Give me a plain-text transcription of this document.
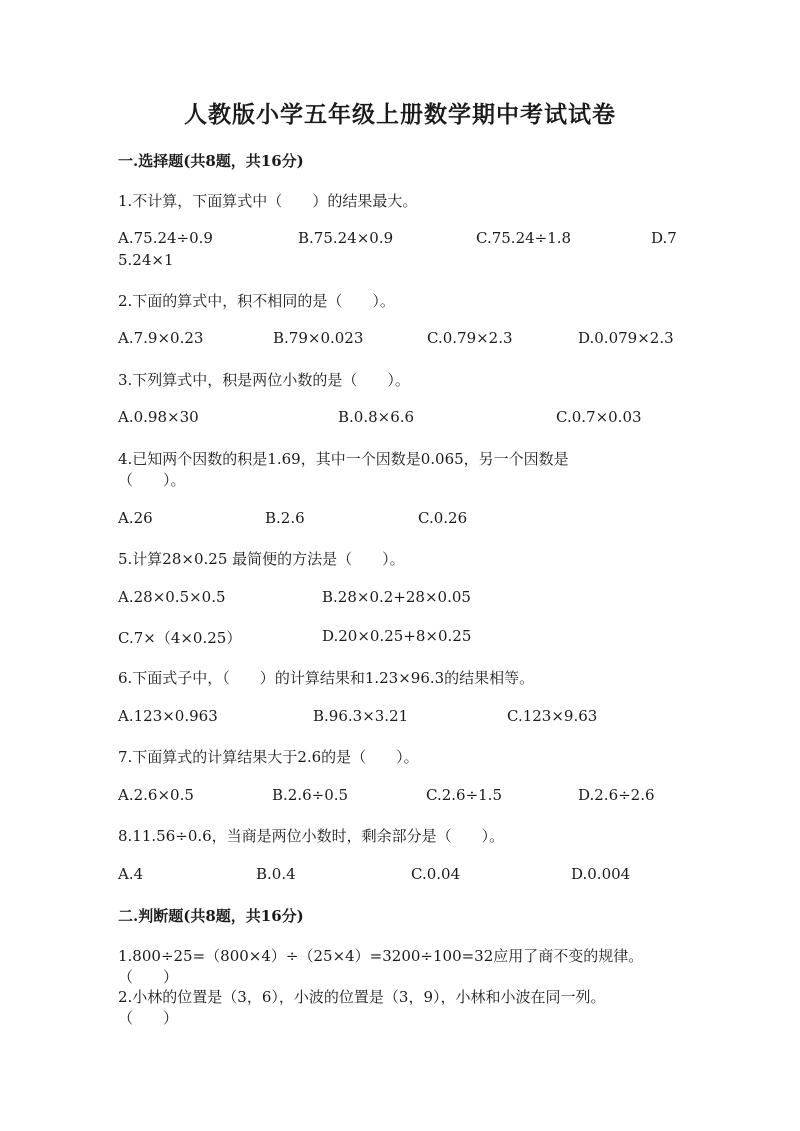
人教版小学五年级上册数学期中考试试卷
一.选择题(共8题，共16分)
1.不计算，下面算式中（　　）的结果最大。
A.75.24÷0.9	B.75.24×0.9	C.75.24÷1.8	D.7
5.24×1
2.下面的算式中，积不相同的是（　　）。
A.7.9×0.23	B.79×0.023	C.0.79×2.3	D.0.079×2.3
3.下列算式中，积是两位小数的是（　　）。
A.0.98×30	B.0.8×6.6	C.0.7×0.03
4.已知两个因数的积是1.69，其中一个因数是0.065，另一个因数是
（　　）。
A.26	B.2.6	C.0.26
5.计算28×0.25 最简便的方法是（　　）。
A.28×0.5×0.5	B.28×0.2+28×0.05
C.7×（4×0.25）	D.20×0.25+8×0.25
6.下面式子中，（　　）的计算结果和1.23×96.3的结果相等。
A.123×0.963	B.96.3×3.21	C.123×9.63
7.下面算式的计算结果大于2.6的是（　　）。
A.2.6×0.5	B.2.6÷0.5	C.2.6÷1.5	D.2.6÷2.6
8.11.56÷0.6，当商是两位小数时，剩余部分是（　　）。
A.4	B.0.4	C.0.04	D.0.004
二.判断题(共8题，共16分)
1.800÷25=（800×4）÷（25×4）=3200÷100=32应用了商不变的规律。
（　　）
2.小林的位置是（3，6），小波的位置是（3，9），小林和小波在同一列。
（　　）
